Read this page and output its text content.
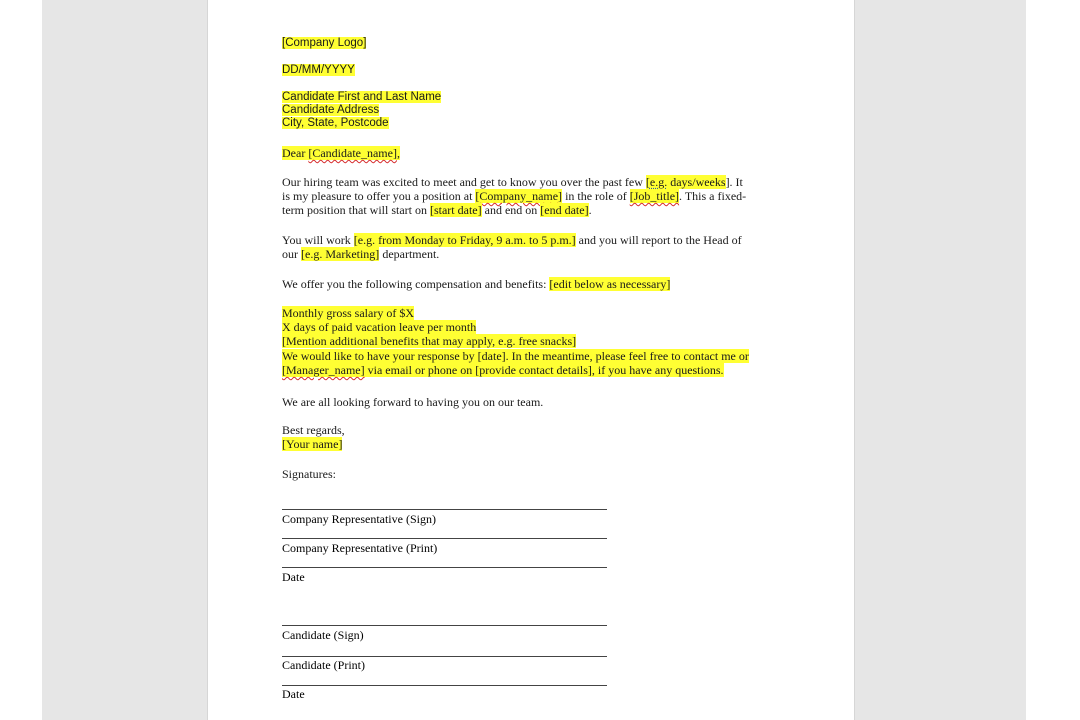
[Company Logo]
DD/MM/YYYY
Candidate First and Last Name
Candidate Address
City, State, Postcode
Dear [Candidate_name],
Our hiring team was excited to meet and get to know you over the past few [e.g. days/weeks]. It
is my pleasure to offer you a position at [Company_name] in the role of [Job_title]. This a fixed-
term position that will start on [start date] and end on [end date].
You will work [e.g. from Monday to Friday, 9 a.m. to 5 p.m.] and you will report to the Head of
our [e.g. Marketing] department.
We offer you the following compensation and benefits: [edit below as necessary]
Monthly gross salary of $X
X days of paid vacation leave per month
[Mention additional benefits that may apply, e.g. free snacks]
We would like to have your response by [date]. In the meantime, please feel free to contact me or
[Manager_name] via email or phone on [provide contact details], if you have any questions.
We are all looking forward to having you on our team.
Best regards,
[Your name]
Signatures:
Company Representative (Sign)
Company Representative (Print)
Date
Candidate (Sign)
Candidate (Print)
Date
